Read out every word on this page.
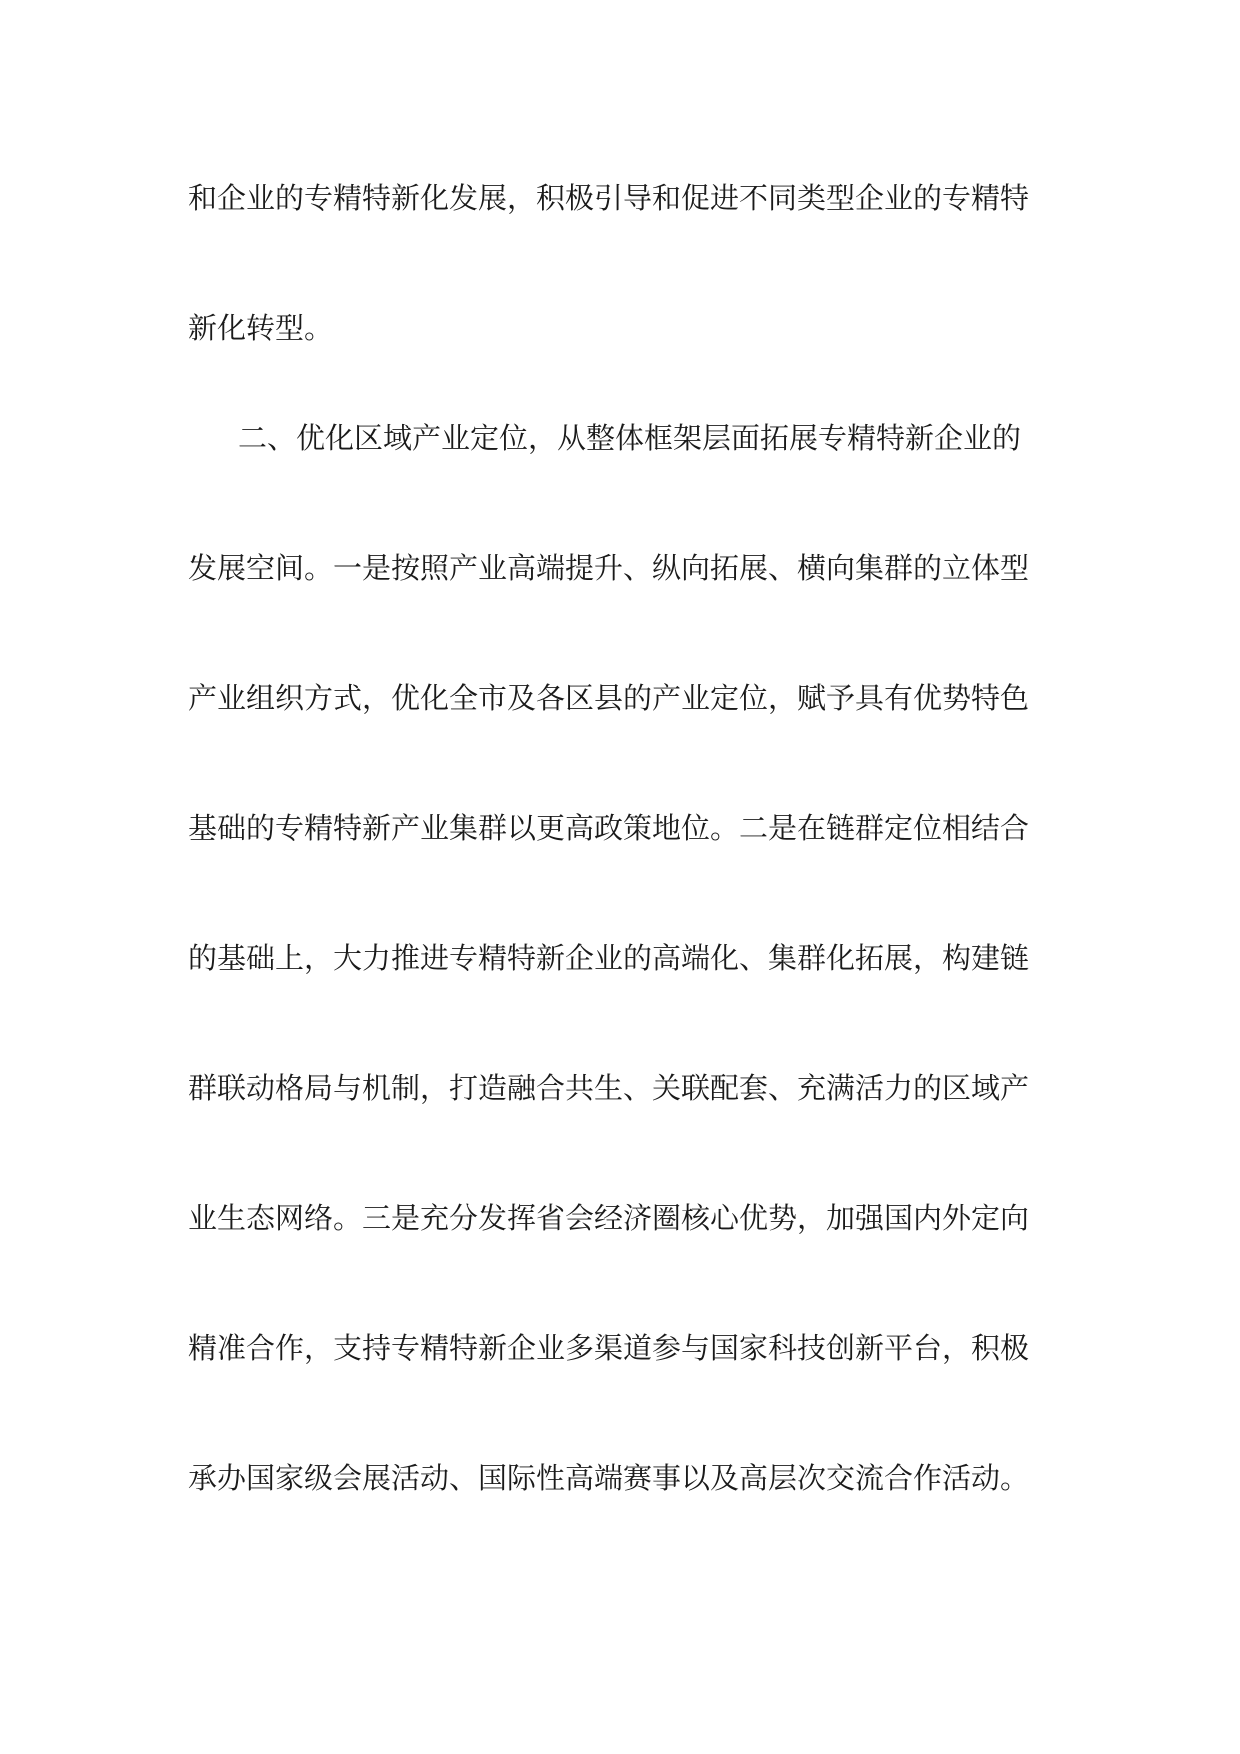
和企业的专精特新化发展，积极引导和促进不同类型企业的专精特
新化转型。
二、优化区域产业定位，从整体框架层面拓展专精特新企业的
发展空间。一是按照产业高端提升、纵向拓展、横向集群的立体型
产业组织方式，优化全市及各区县的产业定位，赋予具有优势特色
基础的专精特新产业集群以更高政策地位。二是在链群定位相结合
的基础上，大力推进专精特新企业的高端化、集群化拓展，构建链
群联动格局与机制，打造融合共生、关联配套、充满活力的区域产
业生态网络。三是充分发挥省会经济圈核心优势，加强国内外定向
精准合作，支持专精特新企业多渠道参与国家科技创新平台，积极
承办国家级会展活动、国际性高端赛事以及高层次交流合作活动。
